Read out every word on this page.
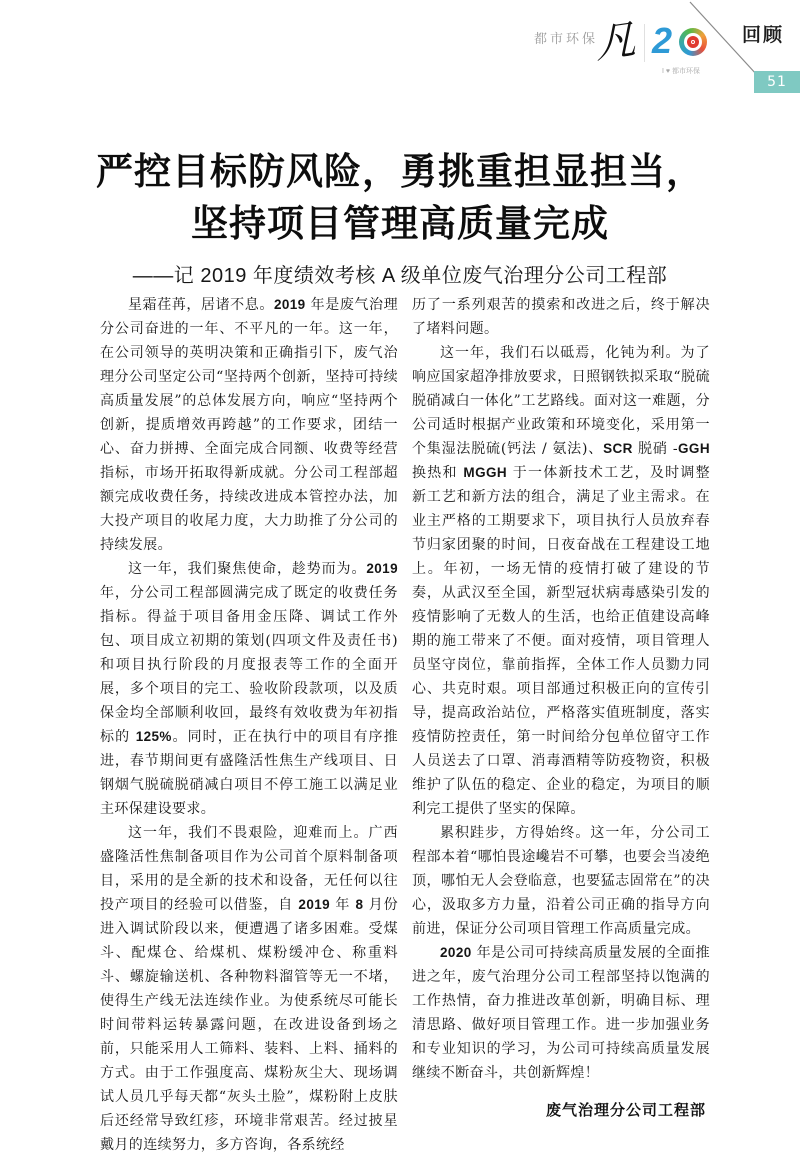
都市环保
凡 2
I ♥ 都市环保
回顾
51
严控目标防风险，勇挑重担显担当，
坚持项目管理高质量完成
——记 2019 年度绩效考核 A 级单位废气治理分公司工程部

星霜荏苒，居诸不息。2019 年是废气治理分公司奋进的一年、不平凡的一年。这一年，在公司领导的英明决策和正确指引下，废气治理分公司坚定公司“坚持两个创新，坚持可持续高质量发展”的总体发展方向，响应“坚持两个创新，提质增效再跨越”的工作要求，团结一心、奋力拼搏、全面完成合同额、收费等经营指标，市场开拓取得新成就。分公司工程部超额完成收费任务，持续改进成本管控办法，加大投产项目的收尾力度，大力助推了分公司的持续发展。

这一年，我们聚焦使命，趁势而为。2019 年，分公司工程部圆满完成了既定的收费任务指标。得益于项目备用金压降、调试工作外包、项目成立初期的策划(四项文件及责任书)和项目执行阶段的月度报表等工作的全面开展，多个项目的完工、验收阶段款项，以及质保金均全部顺利收回，最终有效收费为年初指标的 125%。同时，正在执行中的项目有序推进，春节期间更有盛隆活性焦生产线项目、日钢烟气脱硫脱硝减白项目不停工施工以满足业主环保建设要求。

这一年，我们不畏艰险，迎难而上。广西盛隆活性焦制备项目作为公司首个原料制备项目，采用的是全新的技术和设备，无任何以往投产项目的经验可以借鉴，自 2019 年 8 月份进入调试阶段以来，便遭遇了诸多困难。受煤斗、配煤仓、给煤机、煤粉缓冲仓、称重料斗、螺旋输送机、各种物料溜管等无一不堵，使得生产线无法连续作业。为使系统尽可能长时间带料运转暴露问题，在改进设备到场之前，只能采用人工筛料、装料、上料、捅料的方式。由于工作强度高、煤粉灰尘大、现场调试人员几乎每天都“灰头土脸”，煤粉附上皮肤后还经常导致红疹，环境非常艰苦。经过披星戴月的连续努力，多方咨询，各系统经

历了一系列艰苦的摸索和改进之后，终于解决了堵料问题。

这一年，我们石以砥焉，化钝为利。为了响应国家超净排放要求，日照钢铁拟采取“脱硫脱硝减白一体化”工艺路线。面对这一难题，分公司适时根据产业政策和环境变化，采用第一个集湿法脱硫(钙法 / 氨法)、SCR 脱硝 -GGH 换热和 MGGH 于一体新技术工艺，及时调整新工艺和新方法的组合，满足了业主需求。在业主严格的工期要求下，项目执行人员放弃春节归家团聚的时间，日夜奋战在工程建设工地上。年初，一场无情的疫情打破了建设的节奏，从武汉至全国，新型冠状病毒感染引发的疫情影响了无数人的生活，也给正值建设高峰期的施工带来了不便。面对疫情，项目管理人员坚守岗位，靠前指挥，全体工作人员勠力同心、共克时艰。项目部通过积极正向的宣传引导，提高政治站位，严格落实值班制度，落实疫情防控责任，第一时间给分包单位留守工作人员送去了口罩、消毒酒精等防疫物资，积极维护了队伍的稳定、企业的稳定，为项目的顺利完工提供了坚实的保障。

累积跬步，方得始终。这一年，分公司工程部本着“哪怕畏途巉岩不可攀，也要会当凌绝顶，哪怕无人会登临意，也要猛志固常在”的决心，汲取多方力量，沿着公司正确的指导方向前进，保证分公司项目管理工作高质量完成。

2020 年是公司可持续高质量发展的全面推进之年，废气治理分公司工程部坚持以饱满的工作热情，奋力推进改革创新，明确目标、理清思路、做好项目管理工作。进一步加强业务和专业知识的学习，为公司可持续高质量发展继续不断奋斗，共创新辉煌！

废气治理分公司工程部
